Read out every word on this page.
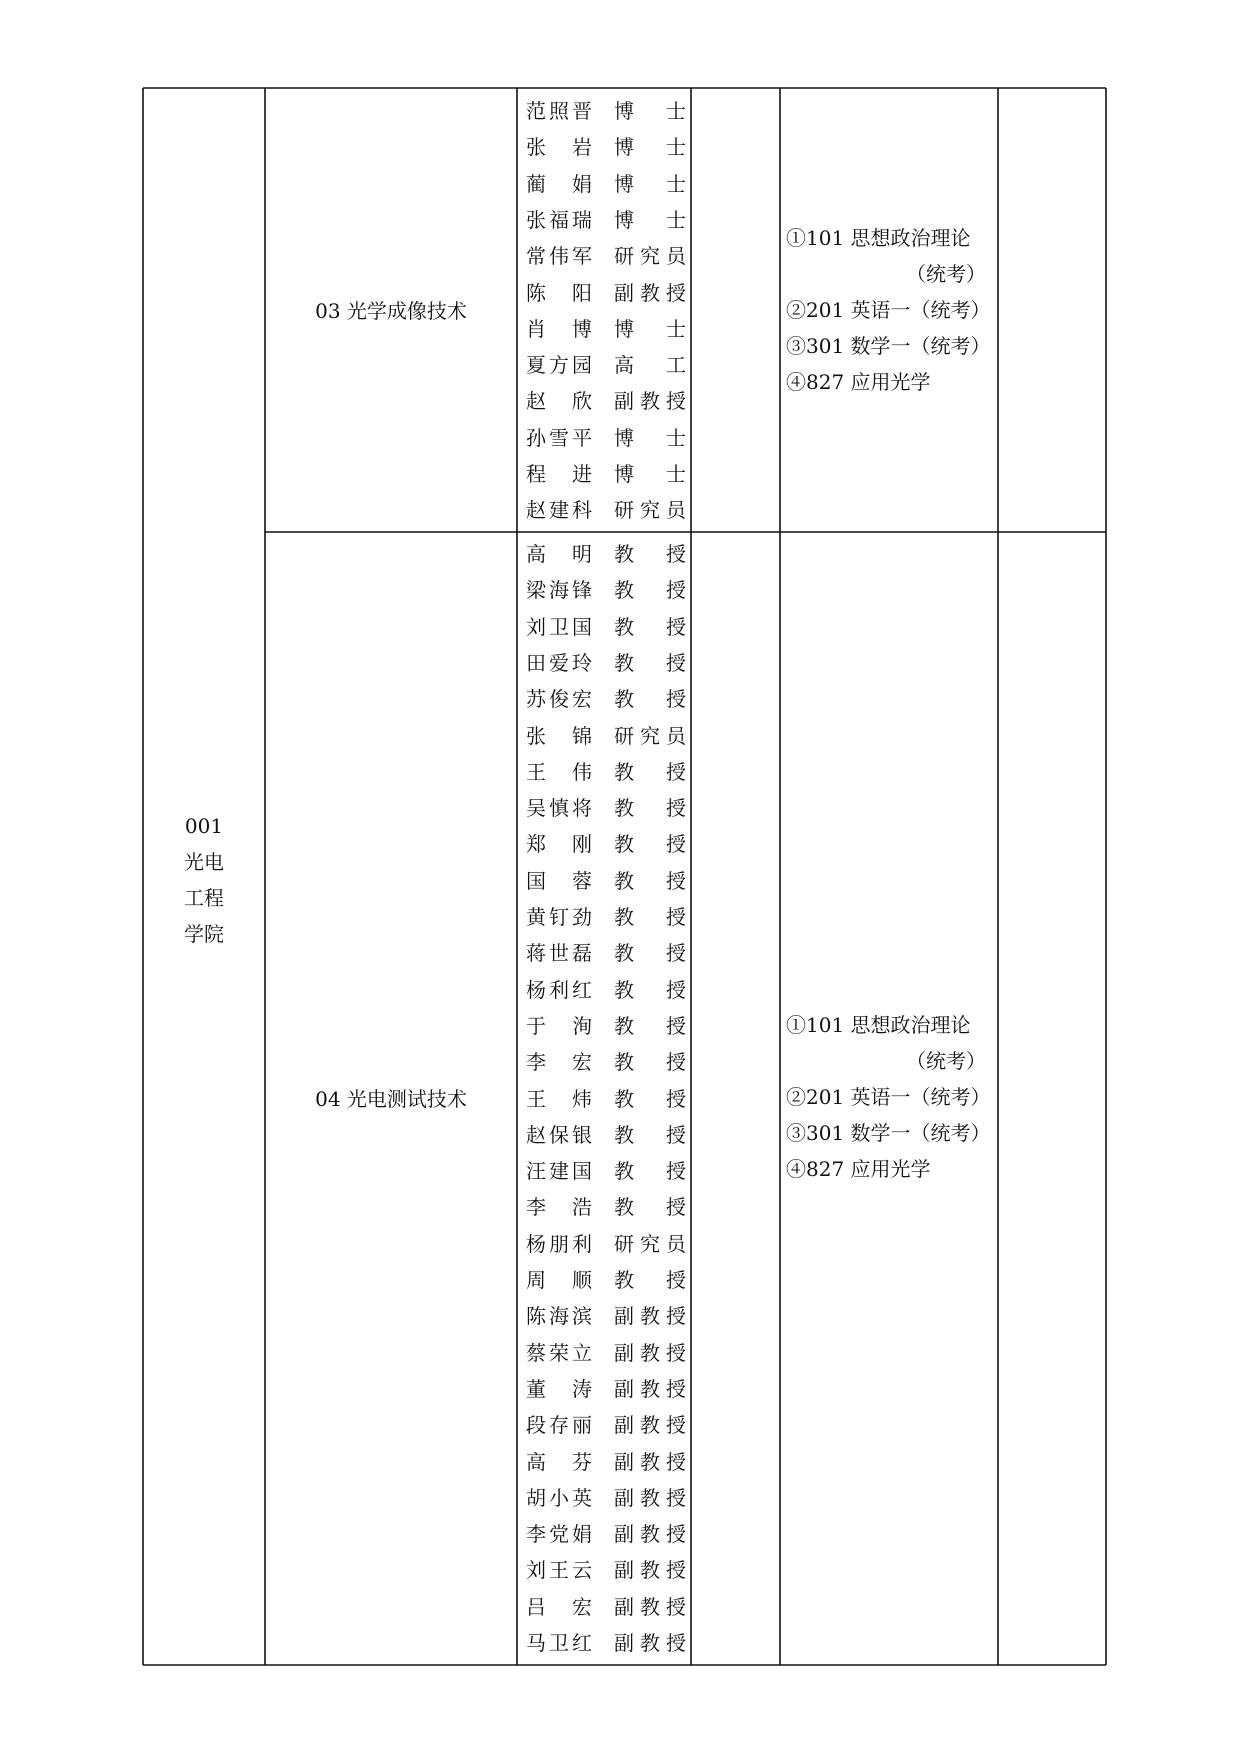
001
光电
工程
学院
03 光学成像技术
范照晋 博士
张岩 博士
蔺娟 博士
张福瑞 博士
常伟军 研究员
陈阳 副教授
肖博 博士
夏方园 高工
赵欣 副教授
孙雪平 博士
程进 博士
赵建科 研究员
①101 思想政治理论
（统考）
②201 英语一（统考）
③301 数学一（统考）
④827 应用光学
04 光电测试技术
高明 教授
梁海锋 教授
刘卫国 教授
田爱玲 教授
苏俊宏 教授
张锦 研究员
王伟 教授
吴慎将 教授
郑刚 教授
国蓉 教授
黄钉劲 教授
蒋世磊 教授
杨利红 教授
于洵 教授
李宏 教授
王炜 教授
赵保银 教授
汪建国 教授
李浩 教授
杨朋利 研究员
周顺 教授
陈海滨 副教授
蔡荣立 副教授
董涛 副教授
段存丽 副教授
高芬 副教授
胡小英 副教授
李党娟 副教授
刘王云 副教授
吕宏 副教授
马卫红 副教授
①101 思想政治理论
（统考）
②201 英语一（统考）
③301 数学一（统考）
④827 应用光学
